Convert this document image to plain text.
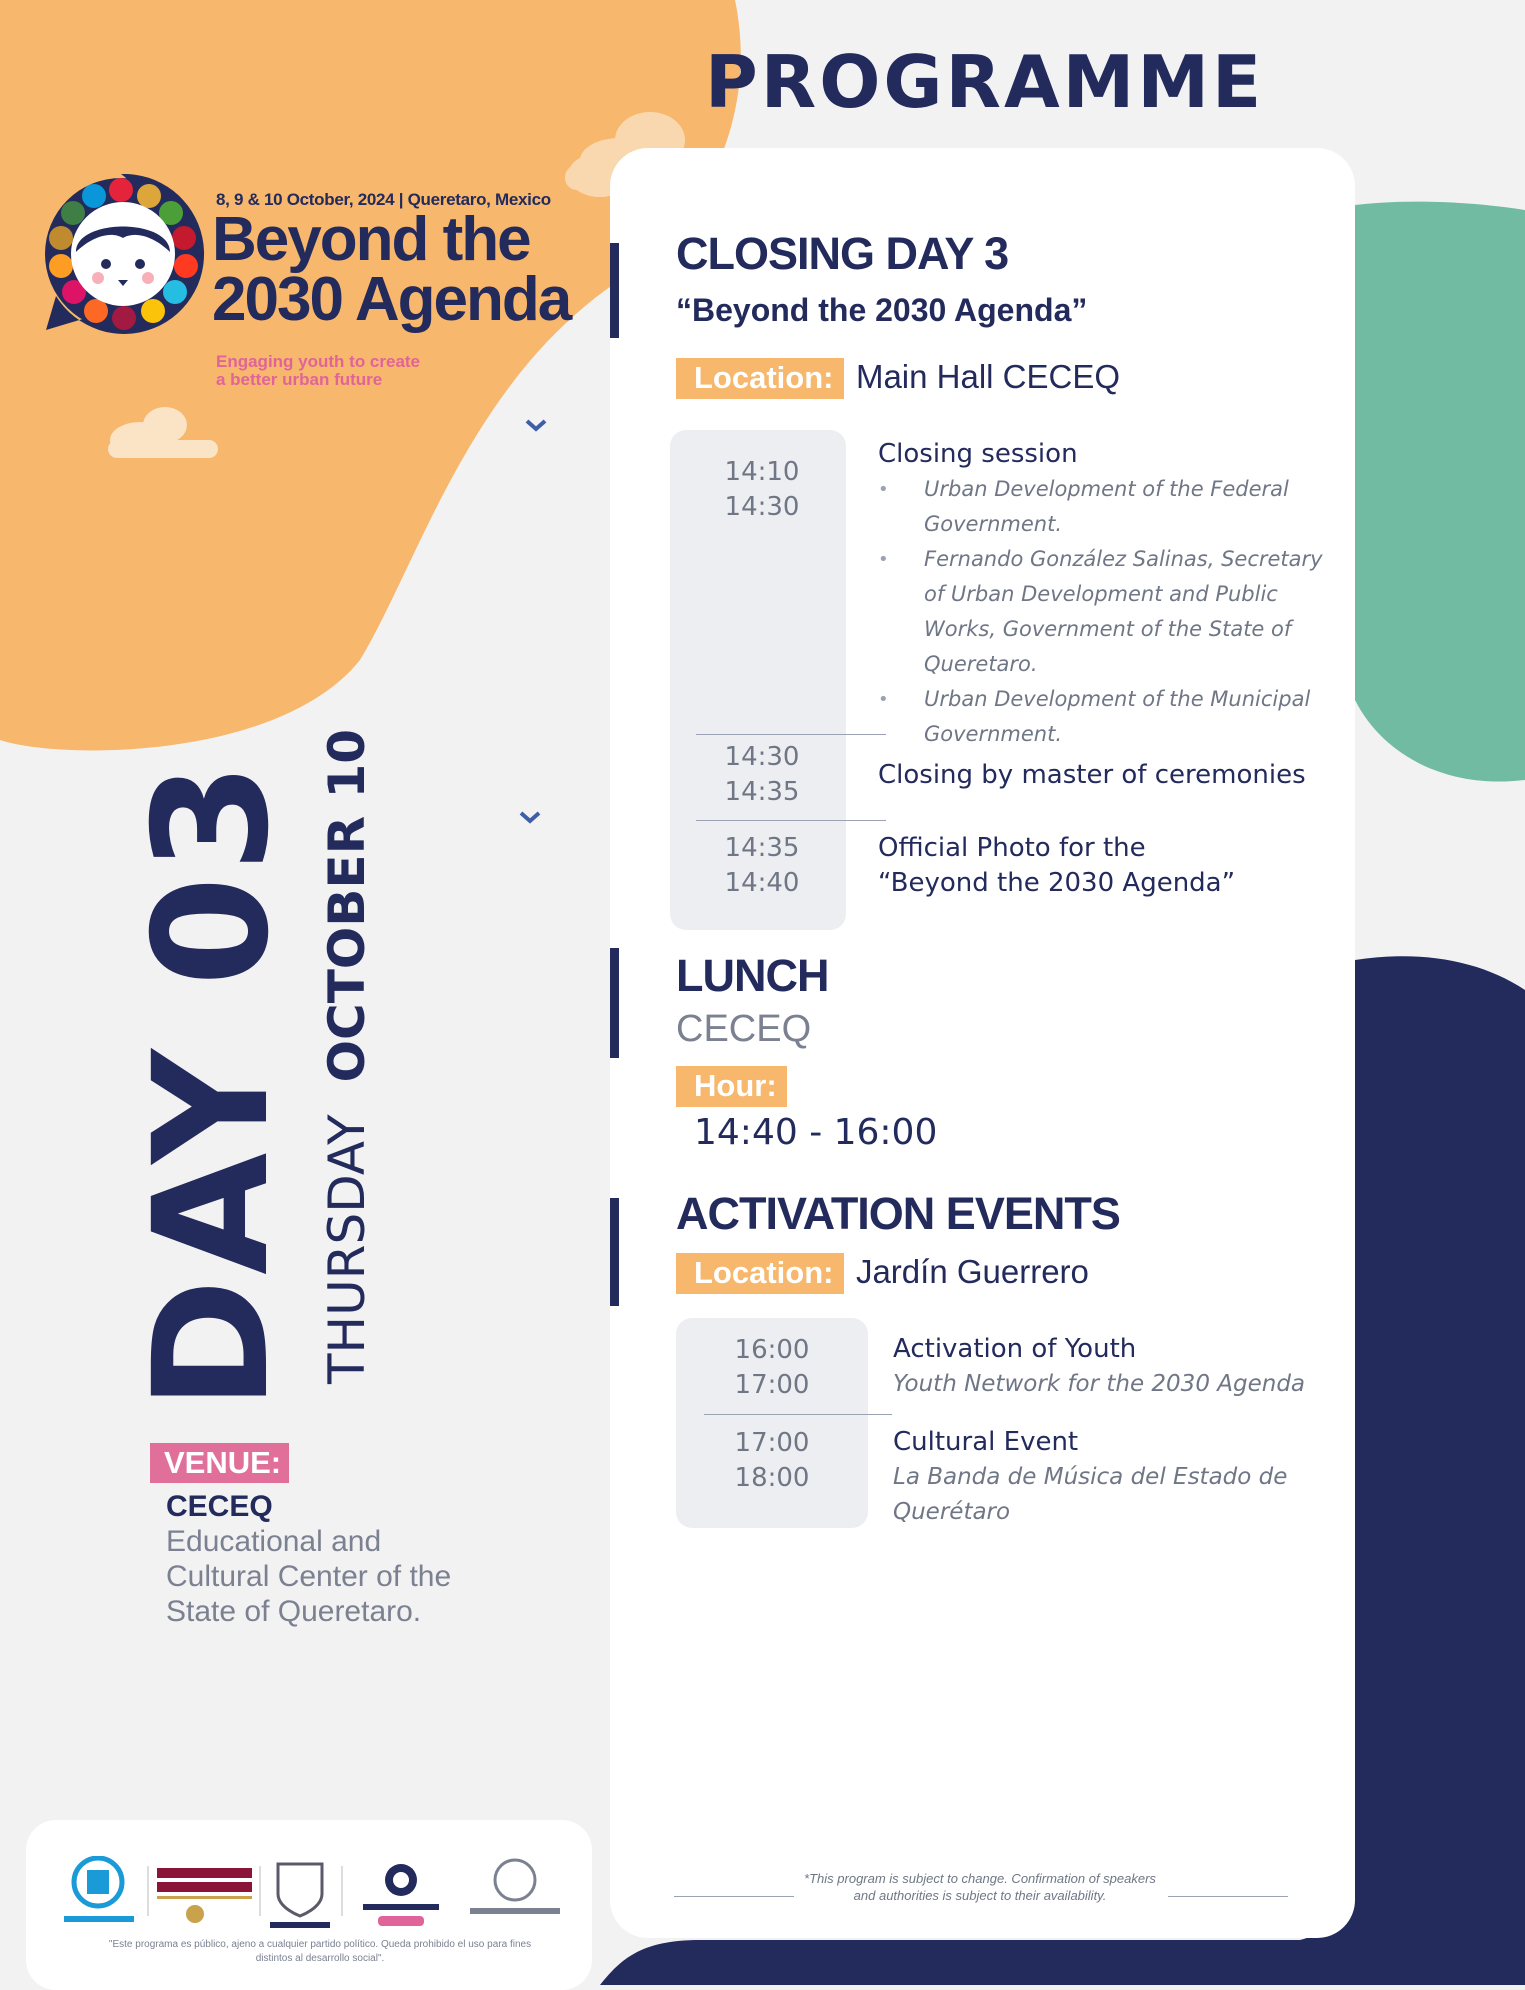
8, 9 & 10 October, 2024 | Queretaro, Mexico
Beyond the
2030 Agenda
Engaging youth to create
a better urban future
PROGRAMME
DAY 03 THURSDAY  OCTOBER 10
VENUE:
CECEQ
Educational and Cultural Center of the State of Queretaro.
CLOSING DAY 3
“Beyond the 2030 Agenda”
Location: Main Hall CECEQ
14:10
14:30
Closing session
• Urban Development of the Federal Government.
• Fernando González Salinas, Secretary of Urban Development and Public Works, Government of the State of Queretaro.
• Urban Development of the Municipal Government.
14:30
14:35
Closing by master of ceremonies
14:35
14:40
Official Photo for the
“Beyond the 2030 Agenda”
LUNCH
CECEQ
Hour:
14:40 - 16:00
ACTIVATION EVENTS
Location: Jardín Guerrero
16:00
17:00
Activation of Youth
Youth Network for the 2030 Agenda
17:00
18:00
Cultural Event
La Banda de Música del Estado de Querétaro
*This program is subject to change. Confirmation of speakers and authorities is subject to their availability.
"Este programa es público, ajeno a cualquier partido político. Queda prohibido el uso para fines distintos al desarrollo social".
